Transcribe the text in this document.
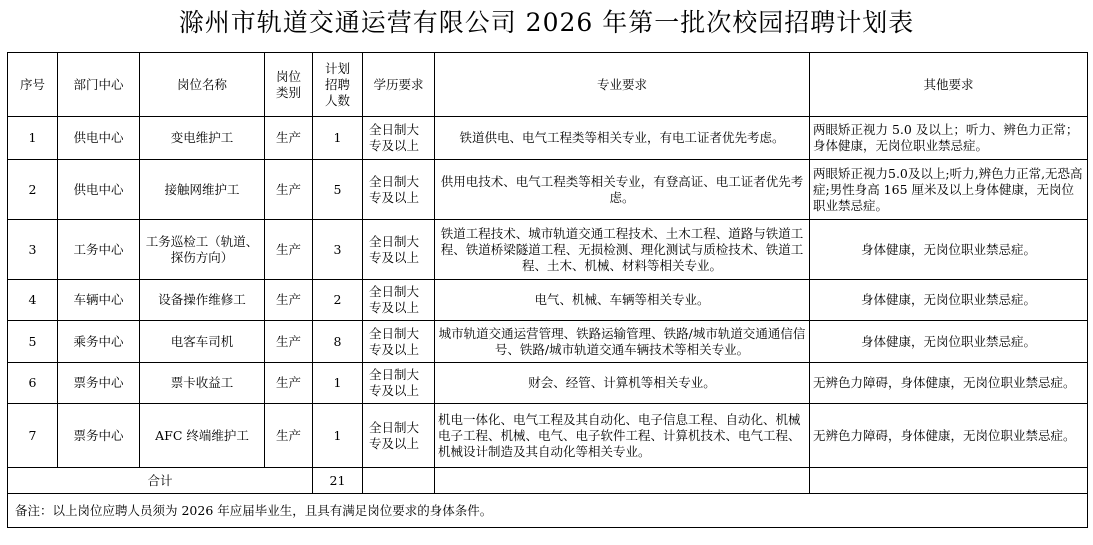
滁州市轨道交通运营有限公司 2026 年第一批次校园招聘计划表
序号	部门中心	岗位名称	岗位类别	计划招聘人数	学历要求	专业要求	其他要求
1	供电中心	变电维护工	生产	1	全日制大专及以上	铁道供电、电气工程类等相关专业，有电工证者优先考虑。	两眼矫正视力 5.0 及以上；听力、辨色力正常；身体健康，无岗位职业禁忌症。
2	供电中心	接触网维护工	生产	5	全日制大专及以上	供用电技术、电气工程类等相关专业，有登高证、电工证者优先考虑。	两眼矫正视力5.0及以上;听力,辨色力正常,无恐高症;男性身高 165 厘米及以上身体健康，无岗位职业禁忌症。
3	工务中心	工务巡检工（轨道、探伤方向）	生产	3	全日制大专及以上	铁道工程技术、城市轨道交通工程技术、土木工程、道路与铁道工程、铁道桥梁隧道工程、无损检测、理化测试与质检技术、铁道工程、土木、机械、材料等相关专业。	身体健康，无岗位职业禁忌症。
4	车辆中心	设备操作维修工	生产	2	全日制大专及以上	电气、机械、车辆等相关专业。	身体健康，无岗位职业禁忌症。
5	乘务中心	电客车司机	生产	8	全日制大专及以上	城市轨道交通运营管理、铁路运输管理、铁路/城市轨道交通通信信号、铁路/城市轨道交通车辆技术等相关专业。	身体健康，无岗位职业禁忌症。
6	票务中心	票卡收益工	生产	1	全日制大专及以上	财会、经管、计算机等相关专业。	无辨色力障碍，身体健康，无岗位职业禁忌症。
7	票务中心	AFC 终端维护工	生产	1	全日制大专及以上	机电一体化、电气工程及其自动化、电子信息工程、自动化、机械电子工程、机械、电气、电子软件工程、计算机技术、电气工程、机械设计制造及其自动化等相关专业。	无辨色力障碍，身体健康，无岗位职业禁忌症。
合计				21			
备注：以上岗位应聘人员须为 2026 年应届毕业生，且具有满足岗位要求的身体条件。							
